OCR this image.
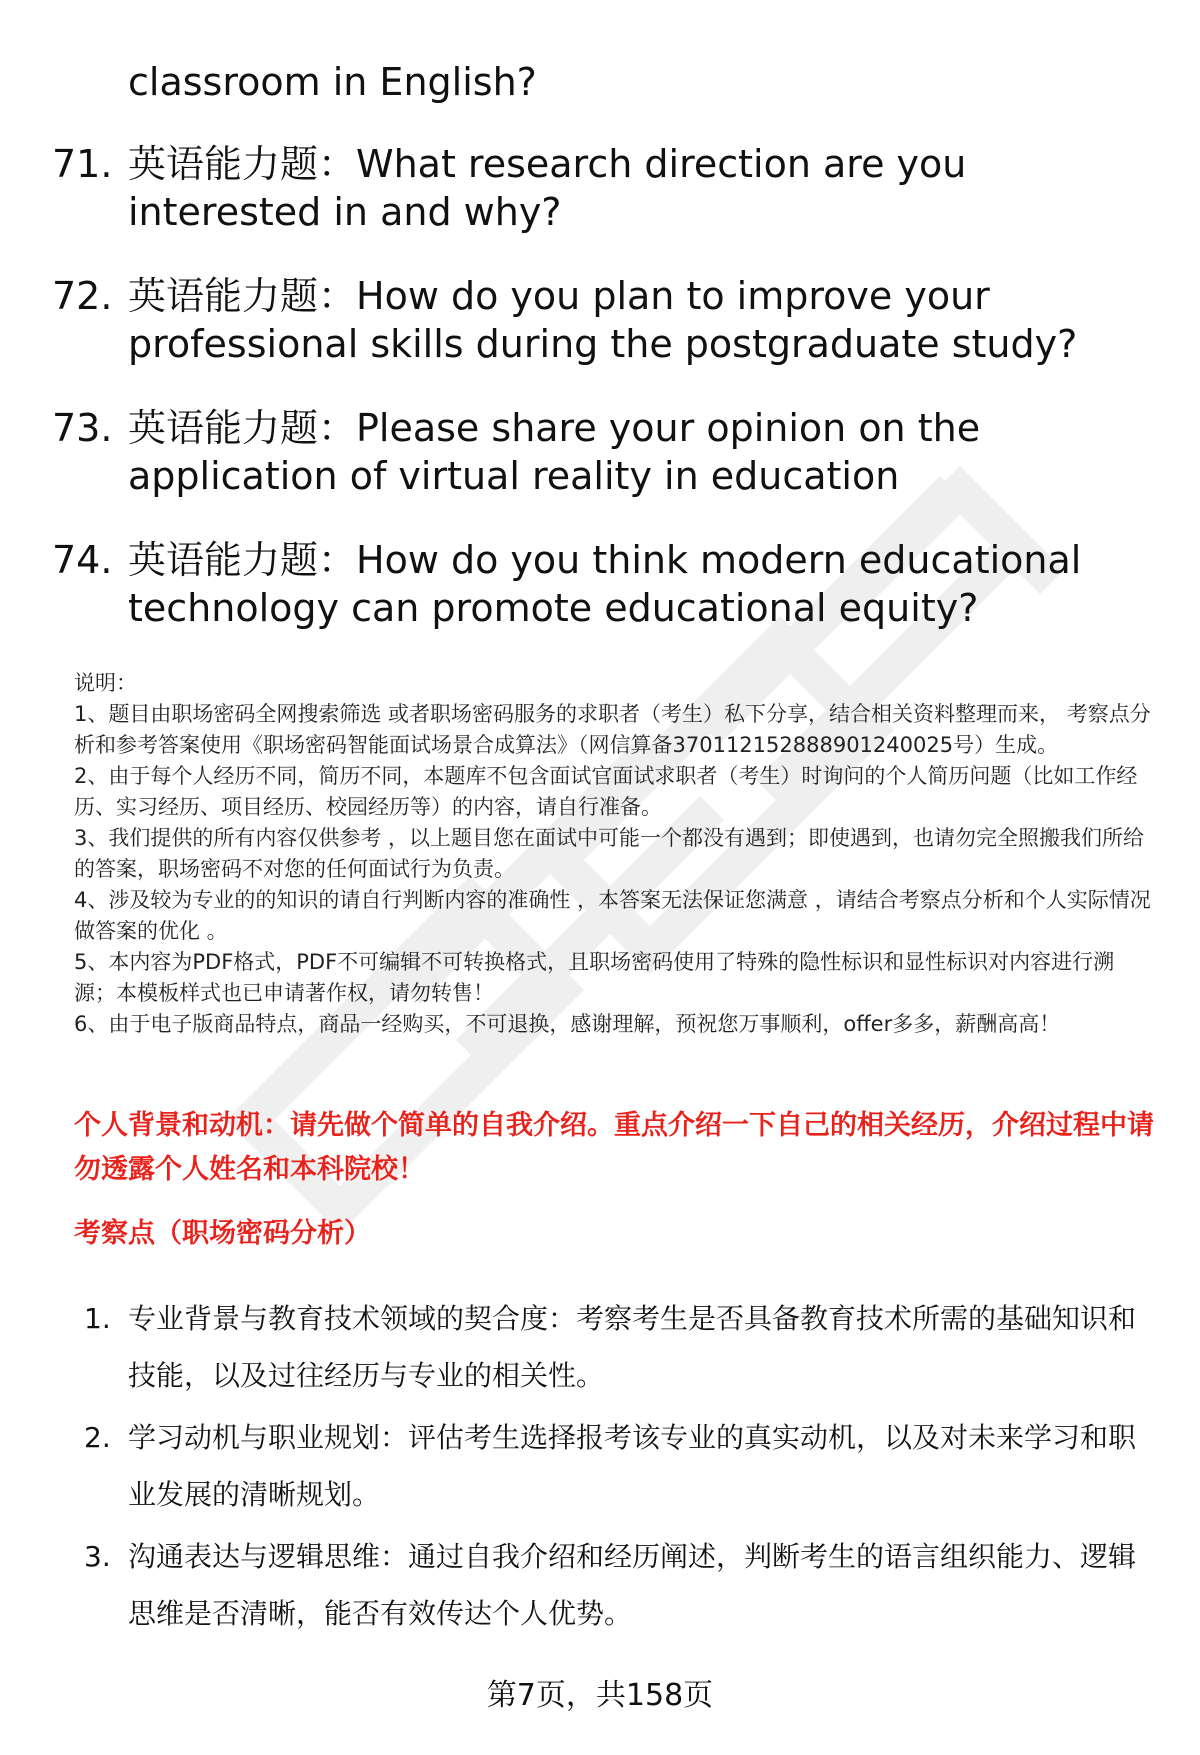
classroom in English?
71. 英语能力题：What research direction are you interested in and why?
72. 英语能力题：How do you plan to improve your professional skills during the postgraduate study?
73. 英语能力题：Please share your opinion on the application of virtual reality in education
74. 英语能力题：How do you think modern educational technology can promote educational equity?

说明：

1、题目由职场密码全网搜索筛选 或者职场密码服务的求职者（考生）私下分享，结合相关资料整理而来， 考察点分析和参考答案使用《职场密码智能面试场景合成算法》（网信算备370112152888901240025号）生成。

2、由于每个人经历不同，简历不同，本题库不包含面试官面试求职者（考生）时询问的个人简历问题（比如工作经历、实习经历、项目经历、校园经历等）的内容，请自行准备。

3、我们提供的所有内容仅供参考 ，以上题目您在面试中可能一个都没有遇到；即使遇到，也请勿完全照搬我们所给的答案，职场密码不对您的任何面试行为负责。

4、涉及较为专业的的知识的请自行判断内容的准确性 ，本答案无法保证您满意 ，请结合考察点分析和个人实际情况做答案的优化 。

5、本内容为PDF格式，PDF不可编辑不可转换格式，且职场密码使用了特殊的隐性标识和显性标识对内容进行溯源；本模板样式也已申请著作权，请勿转售！

6、由于电子版商品特点，商品一经购买，不可退换，感谢理解，预祝您万事顺利，offer多多，薪酬高高！

个人背景和动机：请先做个简单的自我介绍。重点介绍一下自己的相关经历，介绍过程中请勿透露个人姓名和本科院校！
考察点（职场密码分析）
1. 专业背景与教育技术领域的契合度：考察考生是否具备教育技术所需的基础知识和技能，以及过往经历与专业的相关性。
2. 学习动机与职业规划：评估考生选择报考该专业的真实动机，以及对未来学习和职业发展的清晰规划。
3. 沟通表达与逻辑思维：通过自我介绍和经历阐述，判断考生的语言组织能力、逻辑思维是否清晰，能否有效传达个人优势。
第7页，共158页
